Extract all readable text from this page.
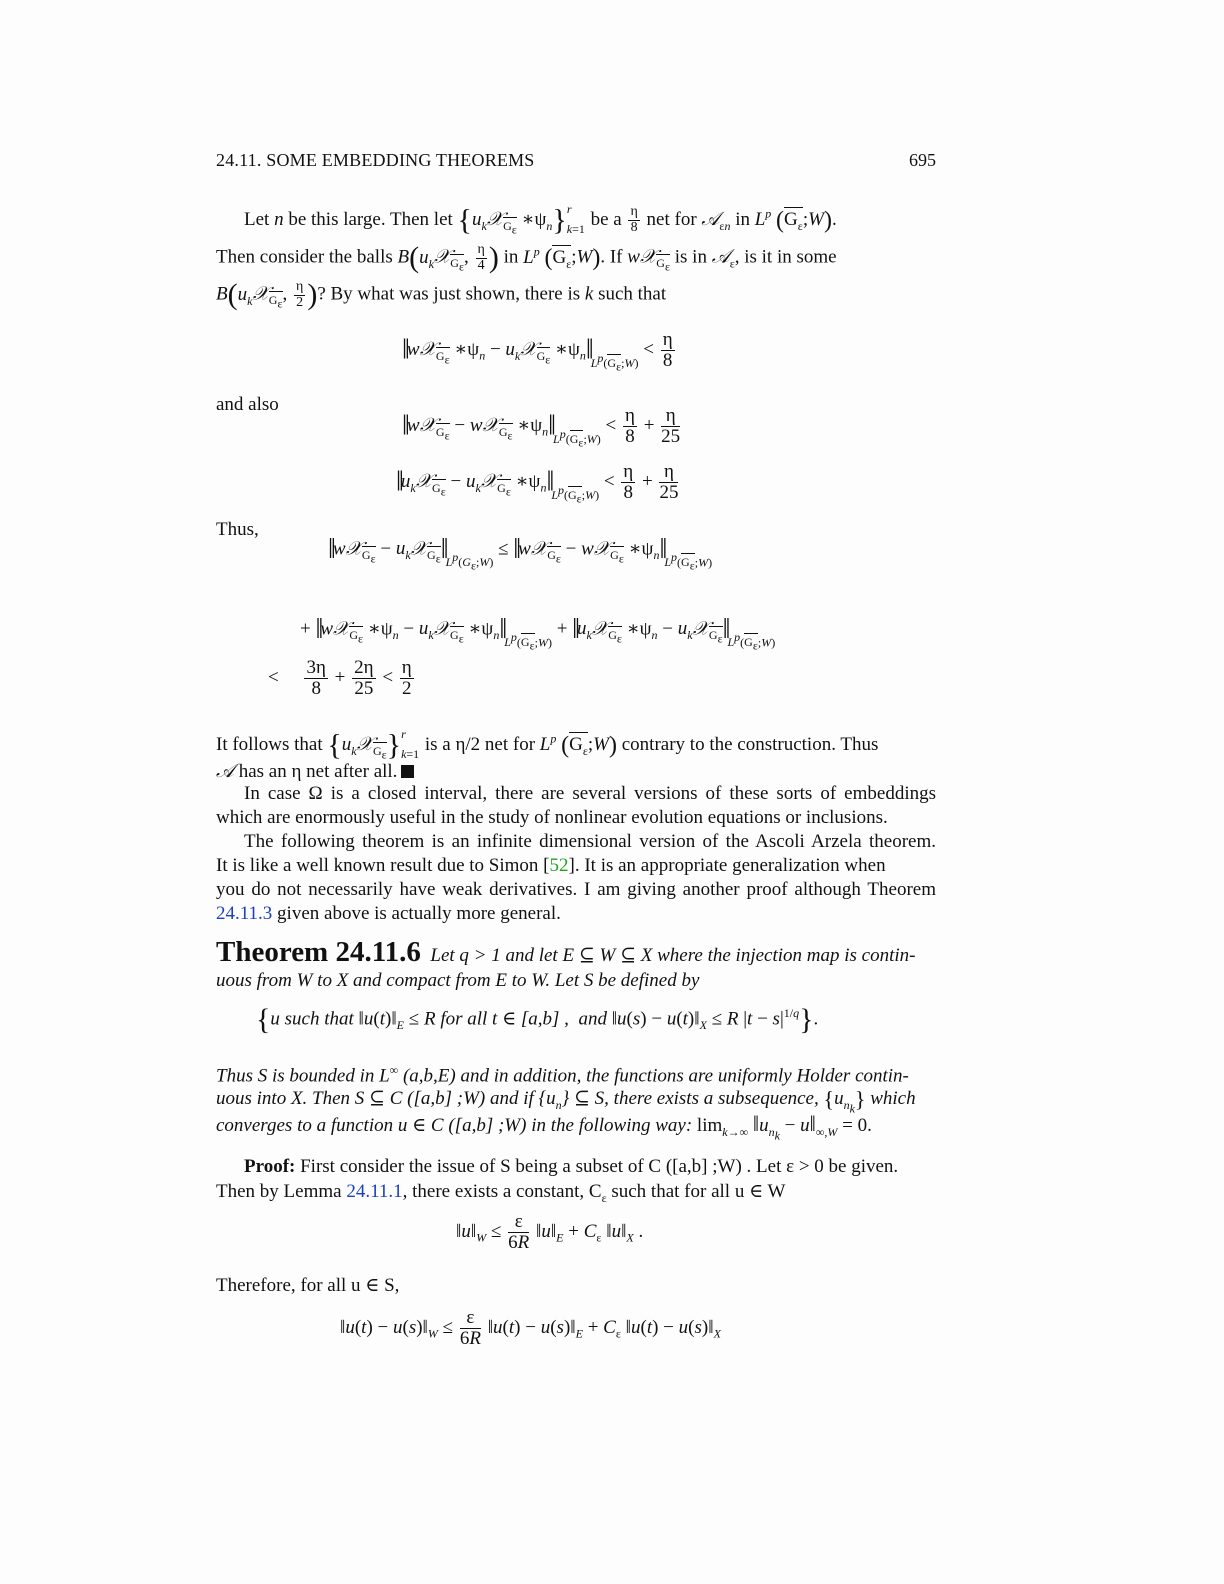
24.11. SOME EMBEDDING THEOREMS	695
Let n be this large. Then let {$u_k𝒳_{G_\varepsilon}$ $∗\psi_n\}_{k=1}^r$    be a $\frac{\eta}{8}$ net for 𝒜$_{\varepsilon n}$ in $L^p$ $(G_\varepsilon;W)$.
Then consider the balls $B(u_k𝒳_{G_\varepsilon}$, $\frac{\eta}{4}$ ) in $L^p$ $(G_\varepsilon;W)$. If w𝒳$_{G_\varepsilon}$ is in 𝒜$_\varepsilon$, is it in some
$B(u_k𝒳_{G_\varepsilon}$, $\frac{\eta}{2}$ )? By what was just shown, there is k such that
‖w𝒳$_{G_\varepsilon}$ $∗\psi_n$ − $u_k𝒳_{G_\varepsilon}$ $∗\psi_n‖_{L^p(G_\varepsilon;W)} < \frac{\eta}{8}$
and also
‖w𝒳$_{G_\varepsilon}$ − w𝒳$_{G_\varepsilon}$ $∗\psi_n‖_{L^p(G_\varepsilon;W)} < \frac{\eta}{8} + \frac{\eta}{25}$
$‖u_k𝒳_{G_\varepsilon}$ − $u_k𝒳_{G_\varepsilon}$ $∗\psi_n‖_{L^p(G_\varepsilon;W)} < \frac{\eta}{8} + \frac{\eta}{25}$
Thus,
‖w𝒳$_{G_\varepsilon}$ − $u_k𝒳_{G_\varepsilon}‖_{L^p(G_\varepsilon;W)}$ ≤ ‖w𝒳$_{G_\varepsilon}$ − w𝒳$_{G_\varepsilon}$ $∗\psi_n‖_{L^p(G_\varepsilon;W)}$
+ ‖w𝒳$_{G_\varepsilon}$ $∗\psi_n$ − $u_k𝒳_{G_\varepsilon}$ $∗\psi_n‖_{L^p(G_\varepsilon;W)}$ + $‖u_k𝒳_{G_\varepsilon}$ $∗\psi_n$ − $u_k𝒳_{G_\varepsilon}‖_{L^p(G_\varepsilon;W)}$
< $\frac{3\eta}{8} + \frac{2\eta}{25} < \frac{\eta}{2}$
It follows that $\{u_k𝒳_{G_\varepsilon}\}_{k=1}^r$    is a η/2 net for $L^p$ $(G_\varepsilon;W)$ contrary to the construction. Thus
𝒜 has an η net after all.
In case Ω is a closed interval, there are several versions of these sorts of embeddings
which are enormously useful in the study of nonlinear evolution equations or inclusions.
The following theorem is an infinite dimensional version of the Ascoli Arzela theorem.
It is like a well known result due to Simon [52]. It is an appropriate generalization when
you do not necessarily have weak derivatives. I am giving another proof although Theorem
24.11.3 given above is actually more general.
Theorem 24.11.6 Let q > 1 and let E ⊆ W ⊆ X where the injection map is contin-
uous from W to X and compact from E to W. Let S be defined by
{u such that $‖u(t)‖_E \le R$ for all t ∈ [a,b] , and ‖u(s) − $u(t)‖_X \le R$ $|t - s|^{1/q}$}.
Thus S is bounded in L∞ (a,b,E) and in addition, the functions are uniformly Holder contin-
uous into X. Then S ⊆ C ([a,b] ;W) and if $\{u_n\}$ ⊆ S, there exists a subsequence, $\{u_{n_k}\}$ which
converges to a function u ∈ C ([a,b] ;W) in the following way: $\lim_{k\to\infty}$ $‖u_{n_k}$ − $u‖_{\infty,W} = 0$.
Proof: First consider the issue of S being a subset of C ([a,b] ;W) . Let ε > 0 be given.
Then by Lemma 24.11.1, there exists a constant, $C_\varepsilon$ such that for all u ∈ W
$‖u‖_W \le \frac{\varepsilon}{6R}$ $‖u‖_E + C_\varepsilon$ $‖u‖_X$ .
Therefore, for all u ∈ S,
‖u(t) − $u(s)‖_W \le \frac{\varepsilon}{6R}$ ‖u(t) − $u(s)‖_E + C_\varepsilon$ ‖u(t) − $u(s)‖_X$
